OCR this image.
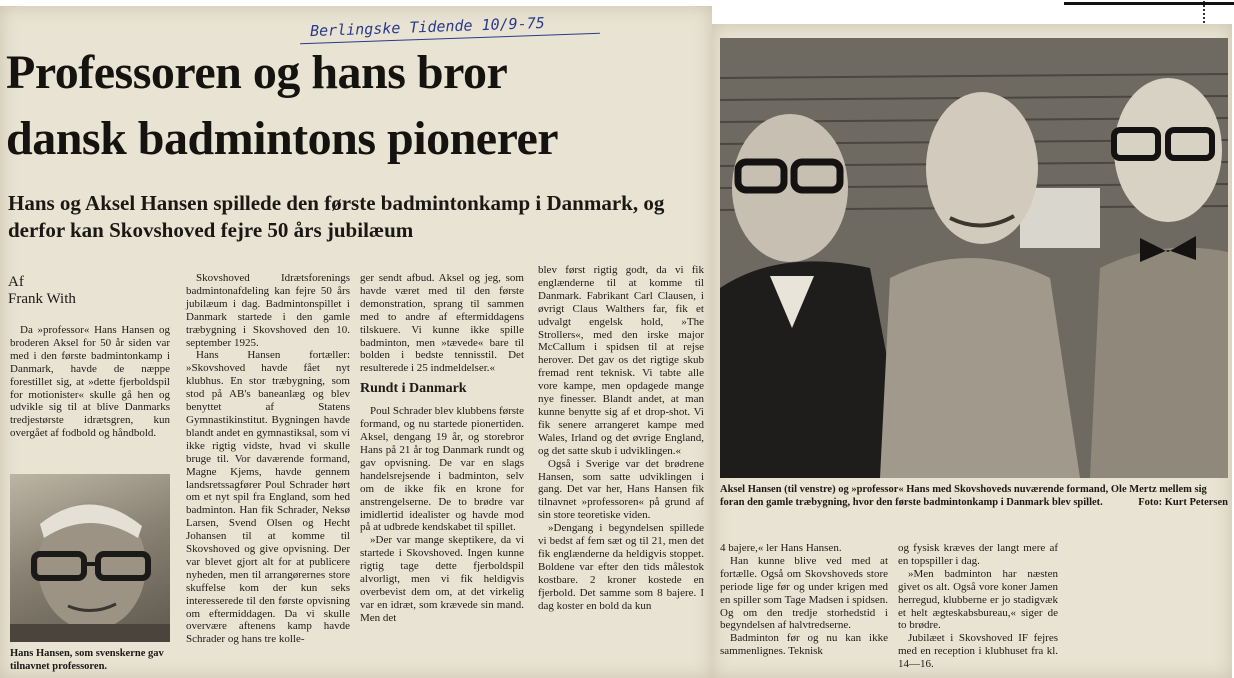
Berlingske Tidende 10/9-75
Professoren og hans bror
dansk badmintons pionerer
Hans og Aksel Hansen spillede den første badmintonkamp i Danmark, og derfor kan Skovshoved fejre 50 års jubilæum
Af
Frank With

Da »professor« Hans Hansen og broderen Aksel for 50 år siden var med i den første badmintonkamp i Danmark, havde de næppe forestillet sig, at »dette fjerboldspil for motionister« skulle gå hen og udvikle sig til at blive Danmarks tredjestørste idrætsgren, kun overgået af fodbold og håndbold.

Hans Hansen, som svenskerne gav tilnavnet professoren.

Skovshoved Idrætsforenings badmintonafdeling kan fejre 50 års jubilæum i dag. Badmintonspillet i Danmark startede i den gamle træbygning i Skovshoved den 10. september 1925.

Hans Hansen fortæller: »Skovshoved havde fået nyt klubhus. En stor træbygning, som stod på AB's baneanlæg og blev benyttet af Statens Gymnastikinstitut. Bygningen havde blandt andet en gymnastiksal, som vi ikke rigtig vidste, hvad vi skulle bruge til. Vor daværende formand, Magne Kjems, havde gennem landsretssagfører Poul Schrader hørt om et nyt spil fra England, som hed badminton. Han fik Schrader, Neksø Larsen, Svend Olsen og Hecht Johansen til at komme til Skovshoved og give opvisning. Der var blevet gjort alt for at publicere nyheden, men til arrangørernes store skuffelse kom der kun seks interesserede til den første opvisning om eftermiddagen. Da vi skulle overvære aftenens kamp havde Schrader og hans tre kolle-

ger sendt afbud. Aksel og jeg, som havde været med til den første demonstration, sprang til sammen med to andre af eftermiddagens tilskuere. Vi kunne ikke spille badminton, men »tævede« bare til bolden i bedste tennisstil. Det resulterede i 25 indmeldelser.«

Rundt i Danmark

Poul Schrader blev klubbens første formand, og nu startede pionertiden. Aksel, dengang 19 år, og storebror Hans på 21 år tog Danmark rundt og gav opvisning. De var en slags handelsrejsende i badminton, selv om de ikke fik en krone for anstrengelserne. De to brødre var imidlertid idealister og havde mod på at udbrede kendskabet til spillet.

»Der var mange skeptikere, da vi startede i Skovshoved. Ingen kunne rigtig tage dette fjerboldspil alvorligt, men vi fik heldigvis overbevist dem om, at det virkelig var en idræt, som krævede sin mand. Men det

blev først rigtig godt, da vi fik englænderne til at komme til Danmark. Fabrikant Carl Clausen, i øvrigt Claus Walthers far, fik et udvalgt engelsk hold, »The Strollers«, med den irske major McCallum i spidsen til at rejse herover. Det gav os det rigtige skub fremad rent teknisk. Vi tabte alle vore kampe, men opdagede mange nye finesser. Blandt andet, at man kunne benytte sig af et drop-shot. Vi fik senere arrangeret kampe med Wales, Irland og det øvrige England, og det satte skub i udviklingen.«

Også i Sverige var det brødrene Hansen, som satte udviklingen i gang. Det var her, Hans Hansen fik tilnavnet »professoren« på grund af sin store teoretiske viden.

»Dengang i begyndelsen spillede vi bedst af fem sæt og til 21, men det fik englænderne da heldigvis stoppet. Boldene var efter den tids målestok kostbare. 2 kroner kostede en fjerbold. Det samme som 8 bajere. I dag koster en bold da kun

Aksel Hansen (til venstre) og »professor« Hans med Skovshoveds nuværende formand, Ole Mertz mellem sig foran den gamle træbygning, hvor den første badmintonkamp i Danmark blev spillet.	Foto: Kurt Petersen

4 bajere,« ler Hans Hansen.

Han kunne blive ved med at fortælle. Også om Skovshoveds store periode lige før og under krigen med en spiller som Tage Madsen i spidsen. Og om den tredje storhedstid i begyndelsen af halvtredserne.

Badminton før og nu kan ikke sammenlignes. Teknisk

og fysisk kræves der langt mere af en topspiller i dag.

»Men badminton har næsten givet os alt. Også vore koner Jamen herregud, klubberne er jo stadigvæk et helt ægteskabsbureau,« siger de to brødre.

Jubilæet i Skovshoved IF fejres med en reception i klubhuset fra kl. 14—16.
